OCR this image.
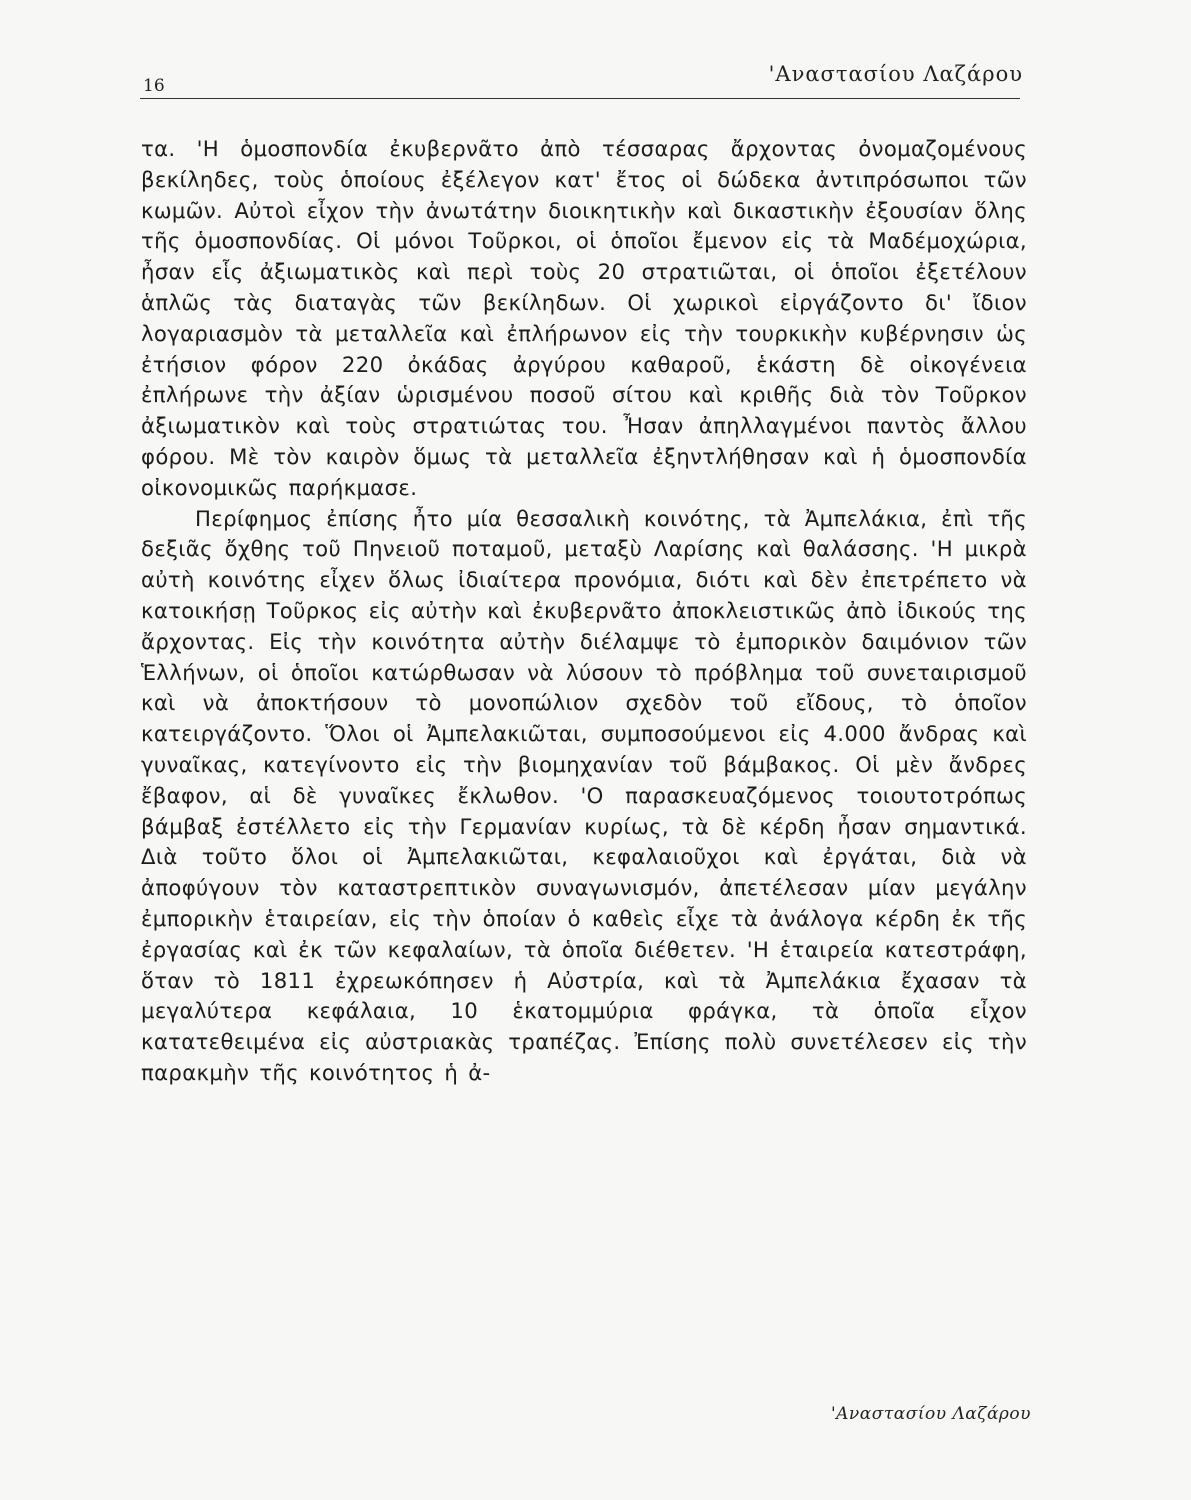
16	'Αναστασίου Λαζάρου

τα. 'Η ὁμοσπονδία ἐκυβερνᾶτο ἀπὸ τέσσαρας ἄρχοντας ὀνομαζομένους βεκίληδες, τοὺς ὁποίους ἐξέλεγον κατ' ἔτος οἱ δώδεκα ἀντιπρόσωποι τῶν κωμῶν. Αὐτοὶ εἶχον τὴν ἀνωτάτην διοικητικὴν καὶ δικαστικὴν ἐξουσίαν ὅλης τῆς ὁμοσπονδίας. Οἱ μόνοι Τοῦρκοι, οἱ ὁποῖοι ἔμενον εἰς τὰ Μαδέμοχώρια, ἦσαν εἷς ἀξιωματικὸς καὶ περὶ τοὺς 20 στρατιῶται, οἱ ὁποῖοι ἐξετέλουν ἁπλῶς τὰς διαταγὰς τῶν βεκίληδων. Οἱ χωρικοὶ εἰργάζοντο δι' ἴδιον λογαριασμὸν τὰ μεταλλεῖα καὶ ἐπλήρωνον εἰς τὴν τουρκικὴν κυβέρνησιν ὡς ἐτήσιον φόρον 220 ὀκάδας ἀργύρου καθαροῦ, ἑκάστη δὲ οἰκογένεια ἐπλήρωνε τὴν ἀξίαν ὡρισμένου ποσοῦ σίτου καὶ κριθῆς διὰ τὸν Τοῦρκον ἀξιωματικὸν καὶ τοὺς στρατιώτας του. Ἦσαν ἀπηλλαγμένοι παντὸς ἄλλου φόρου. Μὲ τὸν καιρὸν ὅμως τὰ μεταλλεῖα ἐξηντλήθησαν καὶ ἡ ὁμοσπονδία οἰκονομικῶς παρήκμασε.

Περίφημος ἐπίσης ἦτο μία θεσσαλικὴ κοινότης, τὰ Ἀμπελάκια, ἐπὶ τῆς δεξιᾶς ὄχθης τοῦ Πηνειοῦ ποταμοῦ, μεταξὺ Λαρίσης καὶ θαλάσσης. 'Η μικρὰ αὐτὴ κοινότης εἶχεν ὅλως ἰδιαίτερα προνόμια, διότι καὶ δὲν ἐπετρέπετο νὰ κατοικήσῃ Τοῦρκος εἰς αὐτὴν καὶ ἐκυβερνᾶτο ἀποκλειστικῶς ἀπὸ ἰδικούς της ἄρχοντας. Εἰς τὴν κοινότητα αὐτὴν διέλαμψε τὸ ἐμπορικὸν δαιμόνιον τῶν Ἑλλήνων, οἱ ὁποῖοι κατώρθωσαν νὰ λύσουν τὸ πρόβλημα τοῦ συνεταιρισμοῦ καὶ νὰ ἀποκτήσουν τὸ μονοπώλιον σχεδὸν τοῦ εἴδους, τὸ ὁποῖον κατειργάζοντο. Ὅλοι οἱ Ἀμπελακιῶται, συμποσούμενοι εἰς 4.000 ἄνδρας καὶ γυναῖκας, κατεγίνοντο εἰς τὴν βιομηχανίαν τοῦ βάμβακος. Οἱ μὲν ἄνδρες ἔβαφον, αἱ δὲ γυναῖκες ἔκλωθον. 'Ο παρασκευαζόμενος τοιουτοτρόπως βάμβαξ ἐστέλλετο εἰς τὴν Γερμανίαν κυρίως, τὰ δὲ κέρδη ἦσαν σημαντικά. Διὰ τοῦτο ὅλοι οἱ Ἀμπελακιῶται, κεφαλαιοῦχοι καὶ ἐργάται, διὰ νὰ ἀποφύγουν τὸν καταστρεπτικὸν συναγωνισμόν, ἀπετέλεσαν μίαν μεγάλην ἐμπορικὴν ἑταιρείαν, εἰς τὴν ὁποίαν ὁ καθεὶς εἶχε τὰ ἀνάλογα κέρδη ἐκ τῆς ἐργασίας καὶ ἐκ τῶν κεφαλαίων, τὰ ὁποῖα διέθετεν. 'Η ἑταιρεία κατεστράφη, ὅταν τὸ 1811 ἐχρεωκόπησεν ἡ Αὐστρία, καὶ τὰ Ἀμπελάκια ἔχασαν τὰ μεγαλύτερα κεφάλαια, 10 ἑκατομμύρια φράγκα, τὰ ὁποῖα εἶχον κατατεθειμένα εἰς αὐστριακὰς τραπέζας. Ἐπίσης πολὺ συνετέλεσεν εἰς τὴν παρακμὴν τῆς κοινότητος ἡ ἀ-

'Αναστασίου Λαζάρου
